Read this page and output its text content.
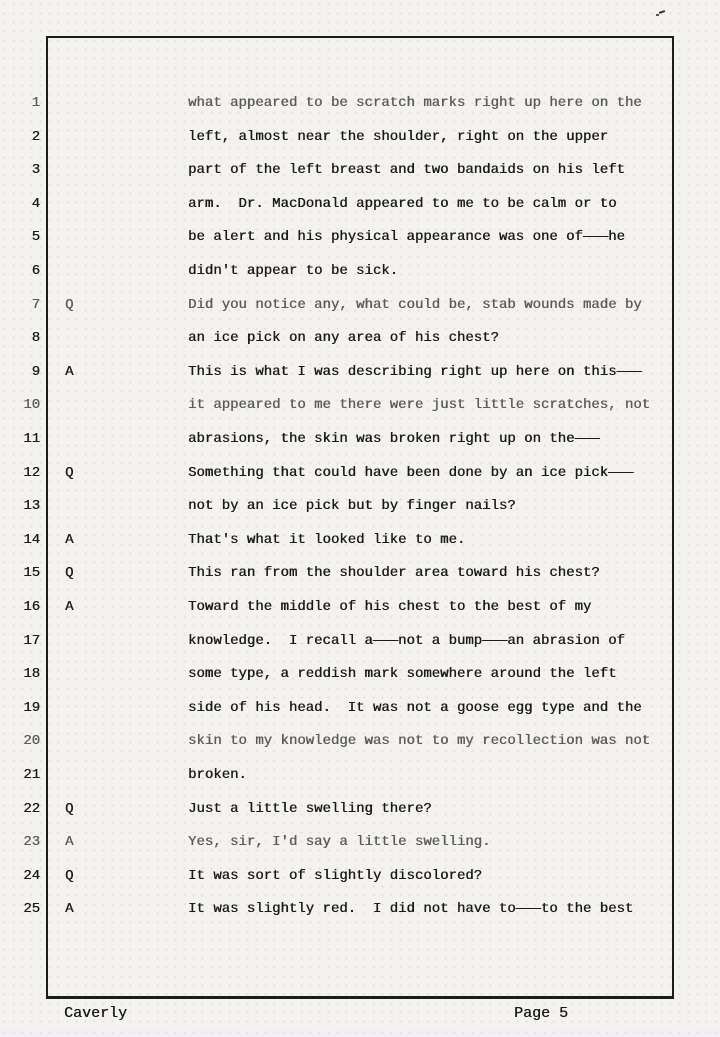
1	what appeared to be scratch marks right up here on the
2	left, almost near the shoulder, right on the upper
3	part of the left breast and two bandaids on his left
4	arm.  Dr. MacDonald appeared to me to be calm or to
5	be alert and his physical appearance was one of———he
6	didn't appear to be sick.
7 Q	Did you notice any, what could be, stab wounds made by
8	an ice pick on any area of his chest?
9 A	This is what I was describing right up here on this———
10	it appeared to me there were just little scratches, not
11	abrasions, the skin was broken right up on the———
12 Q	Something that could have been done by an ice pick———
13	not by an ice pick but by finger nails?
14 A	That's what it looked like to me.
15 Q	This ran from the shoulder area toward his chest?
16 A	Toward the middle of his chest to the best of my
17	knowledge.  I recall a———not a bump———an abrasion of
18	some type, a reddish mark somewhere around the left
19	side of his head.  It was not a goose egg type and the
20	skin to my knowledge was not to my recollection was not
21	broken.
22 Q	Just a little swelling there?
23 A	Yes, sir, I'd say a little swelling.
24 Q	It was sort of slightly discolored?
25 A	It was slightly red.  I did not have to———to the best
Caverly	Page 5
